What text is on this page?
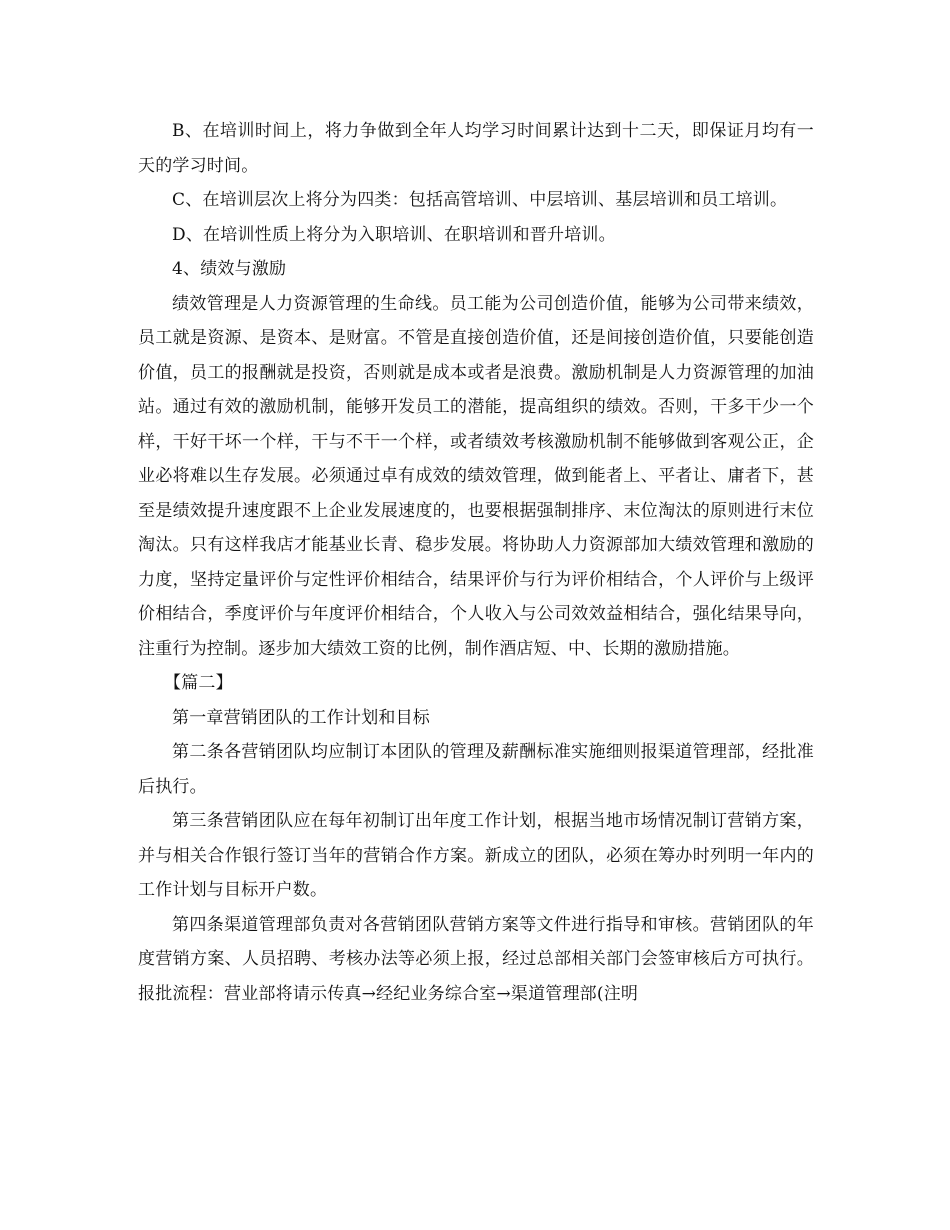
B、在培训时间上，将力争做到全年人均学习时间累计达到十二天，即保证月均有一天的学习时间。

C、在培训层次上将分为四类：包括高管培训、中层培训、基层培训和员工培训。

D、在培训性质上将分为入职培训、在职培训和晋升培训。

4、绩效与激励

绩效管理是人力资源管理的生命线。员工能为公司创造价值，能够为公司带来绩效，员工就是资源、是资本、是财富。不管是直接创造价值，还是间接创造价值，只要能创造价值，员工的报酬就是投资，否则就是成本或者是浪费。激励机制是人力资源管理的加油站。通过有效的激励机制，能够开发员工的潜能，提高组织的绩效。否则，干多干少一个样，干好干坏一个样，干与不干一个样，或者绩效考核激励机制不能够做到客观公正，企业必将难以生存发展。必须通过卓有成效的绩效管理，做到能者上、平者让、庸者下，甚至是绩效提升速度跟不上企业发展速度的，也要根据强制排序、末位淘汰的原则进行末位淘汰。只有这样我店才能基业长青、稳步发展。将协助人力资源部加大绩效管理和激励的力度，坚持定量评价与定性评价相结合，结果评价与行为评价相结合，个人评价与上级评价相结合，季度评价与年度评价相结合，个人收入与公司效效益相结合，强化结果导向，注重行为控制。逐步加大绩效工资的比例，制作酒店短、中、长期的激励措施。

【篇二】

第一章营销团队的工作计划和目标

第二条各营销团队均应制订本团队的管理及薪酬标准实施细则报渠道管理部，经批准后执行。

第三条营销团队应在每年初制订出年度工作计划，根据当地市场情况制订营销方案，并与相关合作银行签订当年的营销合作方案。新成立的团队，必须在筹办时列明一年内的工作计划与目标开户数。

第四条渠道管理部负责对各营销团队营销方案等文件进行指导和审核。营销团队的年度营销方案、人员招聘、考核办法等必须上报，经过总部相关部门会签审核后方可执行。报批流程：营业部将请示传真→经纪业务综合室→渠道管理部(注明
